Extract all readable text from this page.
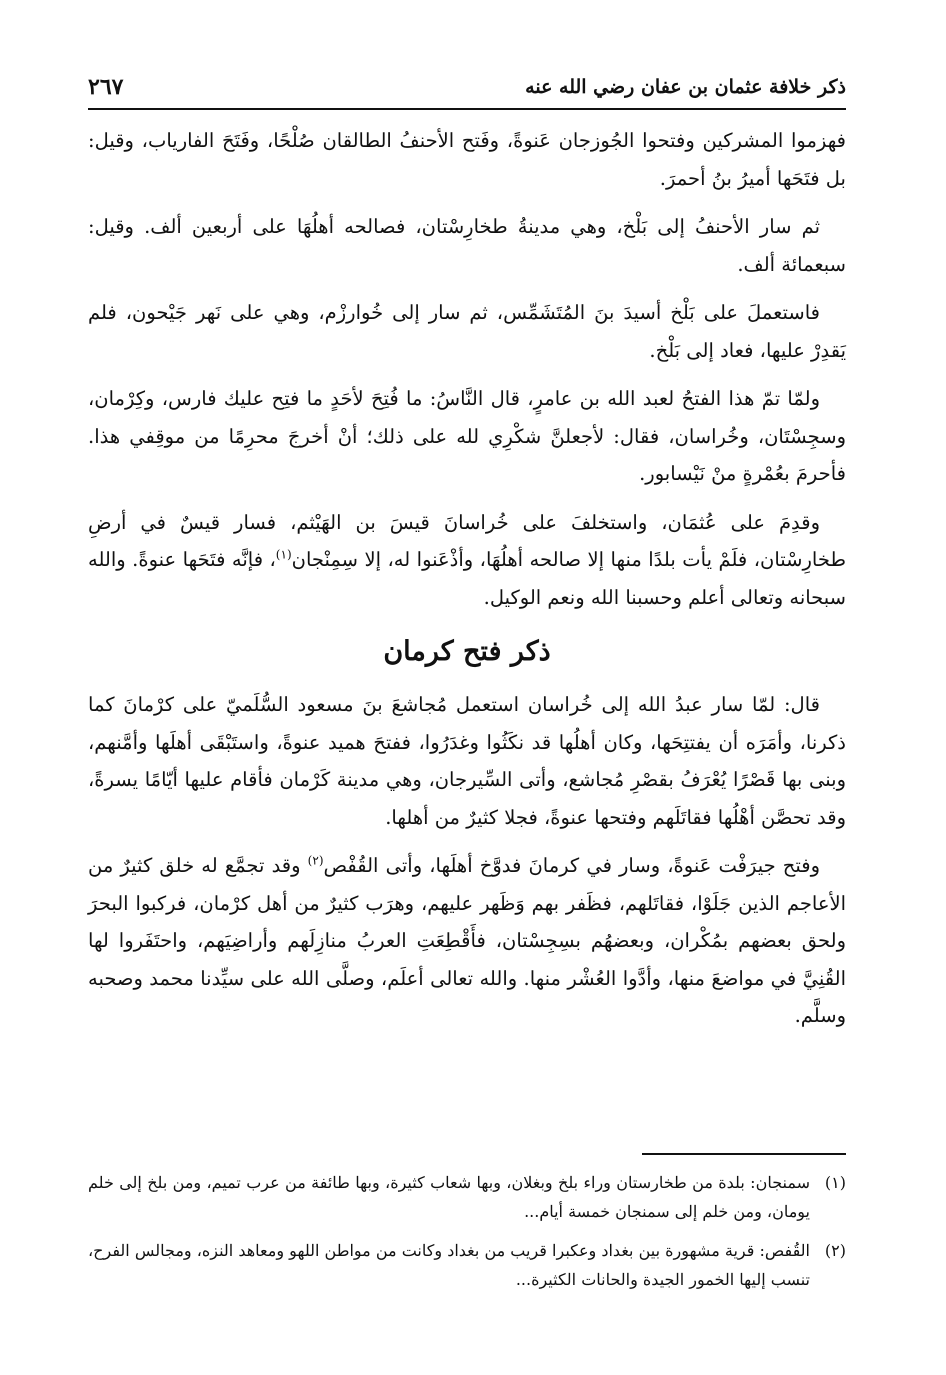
ذكر خلافة عثمان بن عفان رضي الله عنه
٢٦٧

فهزموا المشركين وفتحوا الجُوزجان عَنوةً، وفَتح الأحنفُ الطالقان صُلْحًا، وفَتَحَ الفارياب، وقيل: بل فتَحَها أميرُ بنُ أحمرَ.

ثم سار الأحنفُ إلى بَلْخ، وهي مدينةُ طخارِسْتان، فصالحه أهلُهَا على أربعين ألف. وقيل: سبعمائة ألف.

فاستعملَ على بَلْخ أسيدَ بنَ المُتَشَمِّس، ثم سار إلى خُوارزْم، وهي على نَهر جَيْحون، فلم يَقدِرْ عليها، فعاد إلى بَلْخ.

ولمّا تمّ هذا الفتحُ لعبد الله بن عامرٍ، قال النَّاسُ: ما فُتِحَ لأحَدٍ ما فتِح عليك فارس، وكِرْمان، وسجِسْتَان، وخُراسان، فقال: لأجعلنَّ شكْرِي لله على ذلك؛ أنْ أخرجَ محرِمًا من موقِفي هذا. فأحرمَ بعُمْرةٍ منْ نَيْسابور.

وقدِمَ على عُثمَان، واستخلفَ على خُراسانَ قيسَ بن الهَيْثم، فسار قيسٌ في أرضِ طخارِسْتان، فلَمْ يأت بلدًا منها إلا صالحه أهلُهَا، وأذْعَنوا له، إلا سِمِنْجان$^{(١)}$، فإنَّه فتَحَها عنوةً. والله سبحانه وتعالى أعلم وحسبنا الله ونعم الوكيل.

ذكر فتح كرمان

قال: لمّا سار عبدُ الله إلى خُراسان استعمل مُجاشعَ بنَ مسعود السُّلَميّ على كرْمانَ كما ذكرنا، وأمَرَه أن يفتتِحَها، وكان أهلُها قد نكَثُوا وغدَرُوا، ففتحَ هميد عنوةً، واستَبْقَى أهلَها وأمَّنهم، وبنى بها قَصْرًا يُعْرَفُ بقصْرِ مُجاشع، وأتى السِّيرجان، وهي مدينة كَرْمان فأقام عليها أيّامًا يسرةً، وقد تحصَّن أهْلُها فقاتَلَهم وفتحها عنوةً، فجلا كثيرٌ من أهلها.

وفتح جيرَفْت عَنوةً، وسار في كرمانَ فدوَّخ أهلَها، وأتى القُفْص$^{(٢)}$ وقد تجمَّع له خلق كثيرٌ من الأعاجم الذين جَلَوْا، فقاتَلهم، فظَفر بهم وَظَهر عليهم، وهرَب كثيرٌ من أهل كرْمان، فركبوا البحرَ ولحق بعضهم بمُكْران، وبعضهُم بسِجِسْتان، فأَقْطِعَتِ العربُ منازِلَهم وأراضِيَهم، واحتَفَروا لها القُنِيَّ في مواضعَ منها، وأدَّوا العُشْر منها. والله تعالى أعلَم، وصلَّى الله على سيِّدنا محمد وصحبه وسلَّم.

(١)
سمنجان: بلدة من طخارستان وراء بلخ وبغلان، وبها شعاب كثيرة، وبها طائفة من عرب تميم، ومن بلخ إلى خلم يومان، ومن خلم إلى سمنجان خمسة أيام...
(٢)
القُفص: قرية مشهورة بين بغداد وعكبرا قريب من بغداد وكانت من مواطن اللهو ومعاهد النزه، ومجالس الفرح، تنسب إليها الخمور الجيدة والحانات الكثيرة...
